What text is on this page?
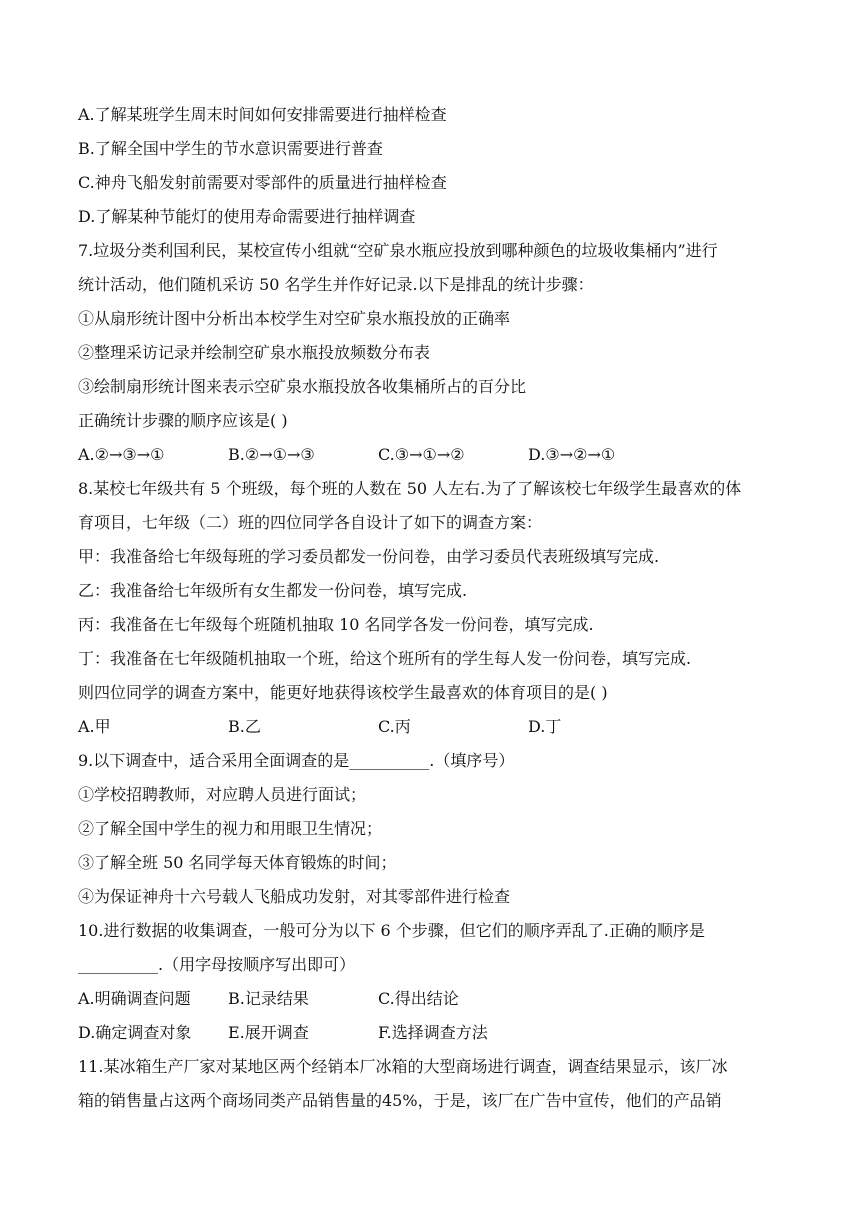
A.了解某班学生周末时间如何安排需要进行抽样检查
B.了解全国中学生的节水意识需要进行普查
C.神舟飞船发射前需要对零部件的质量进行抽样检查
D.了解某种节能灯的使用寿命需要进行抽样调查
7.垃圾分类利国利民，某校宣传小组就“空矿泉水瓶应投放到哪种颜色的垃圾收集桶内”进行
统计活动，他们随机采访 50 名学生并作好记录.以下是排乱的统计步骤：
①从扇形统计图中分析出本校学生对空矿泉水瓶投放的正确率
②整理采访记录并绘制空矿泉水瓶投放频数分布表
③绘制扇形统计图来表示空矿泉水瓶投放各收集桶所占的百分比
正确统计步骤的顺序应该是( )
A.②→③→①	B.②→①→③	C.③→①→②	D.③→②→①
8.某校七年级共有 5 个班级，每个班的人数在 50 人左右.为了了解该校七年级学生最喜欢的体
育项目，七年级（二）班的四位同学各自设计了如下的调查方案：
甲：我准备给七年级每班的学习委员都发一份问卷，由学习委员代表班级填写完成.
乙：我准备给七年级所有女生都发一份问卷，填写完成.
丙：我准备在七年级每个班随机抽取 10 名同学各发一份问卷，填写完成.
丁：我准备在七年级随机抽取一个班，给这个班所有的学生每人发一份问卷，填写完成.
则四位同学的调查方案中，能更好地获得该校学生最喜欢的体育项目的是( )
A.甲	B.乙	C.丙	D.丁
9.以下调查中，适合采用全面调查的是__________.（填序号）
①学校招聘教师，对应聘人员进行面试；
②了解全国中学生的视力和用眼卫生情况；
③了解全班 50 名同学每天体育锻炼的时间；
④为保证神舟十六号载人飞船成功发射，对其零部件进行检查
10.进行数据的收集调查，一般可分为以下 6 个步骤，但它们的顺序弄乱了.正确的顺序是
__________.（用字母按顺序写出即可）
A.明确调查问题 B.记录结果	C.得出结论
D.确定调查对象 E.展开调查	F.选择调查方法
11.某冰箱生产厂家对某地区两个经销本厂冰箱的大型商场进行调查，调查结果显示，该厂冰
箱的销售量占这两个商场同类产品销售量的45%，于是，该厂在广告中宣传，他们的产品销
